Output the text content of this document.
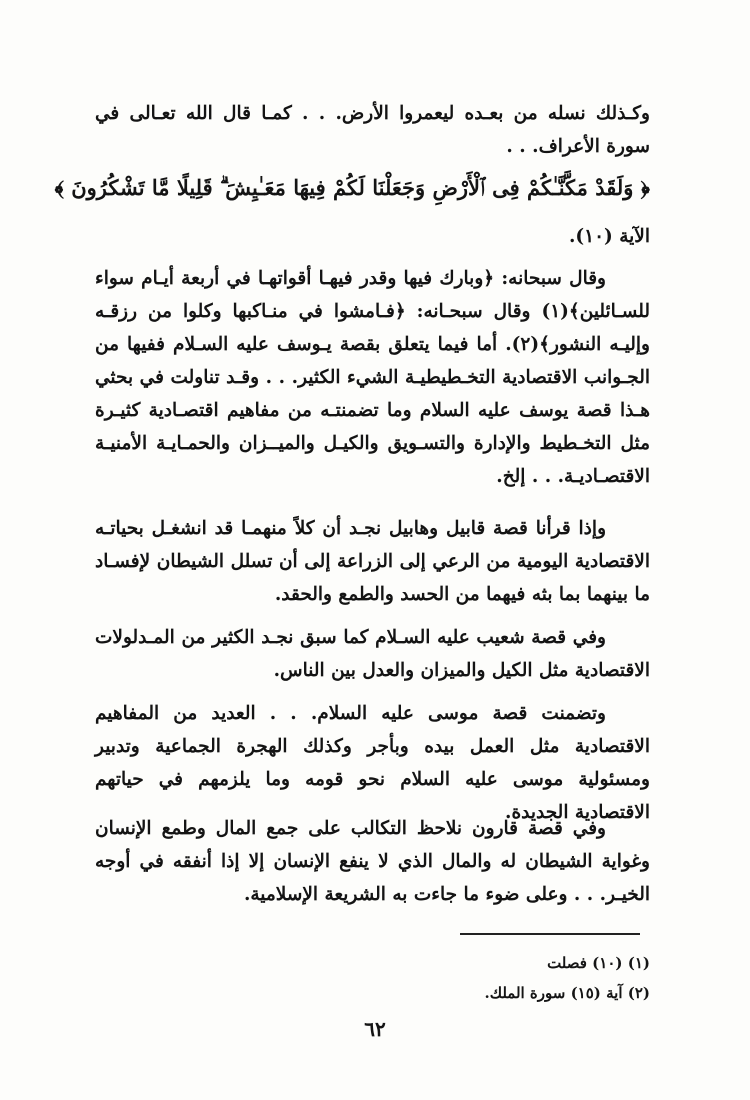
وكـذلك نسله من بعـده ليعمروا الأرض. . . كمـا قال الله تعـالى في سورة الأعراف. . .
﴿ وَلَقَدْ مَكَّنَّـٰكُمْ فِى ٱلْأَرْضِ وَجَعَلْنَا لَكُمْ فِيهَا مَعَـٰيِشَ ۗ قَلِيلًا مَّا تَشْكُرُونَ ﴾
الآية (١٠).
وقال سبحانه: ﴿وبارك فيها وقدر فيهـا أقواتهـا في أربعة أيـام سواء للسـائلين﴾(١) وقال سبحـانه: ﴿فـامشوا في منـاكبها وكلوا من رزقـه وإليـه النشور﴾(٢). أما فيما يتعلق بقصة يـوسف عليه السـلام ففيها من الجـوانب الاقتصادية التخـطيطيـة الشيء الكثير. . . وقـد تناولت في بحثي هـذا قصة يوسف عليه السلام وما تضمنتـه من مفاهيم اقتصـادية كثيـرة مثل التخـطيط والإدارة والتسـويق والكيـل والميــزان والحمـايـة الأمنيـة الاقتصـاديـة. . . إلخ.
وإذا قرأنا قصة قابيل وهابيل نجـد أن كلاً منهمـا قد انشغـل بحياتـه الاقتصادية اليومية من الرعي إلى الزراعة إلى أن تسلل الشيطان لإفسـاد ما بينهما بما بثه فيهما من الحسد والطمع والحقد.
وفي قصة شعيب عليه السـلام كما سبق نجـد الكثير من المـدلولات الاقتصادية مثل الكيل والميزان والعدل بين الناس.
وتضمنت قصة موسى عليه السلام. . . العديد من المفاهيم الاقتصادية مثل العمل بيده وبأجر وكذلك الهجرة الجماعية وتدبير ومسئولية موسى عليه السلام نحو قومه وما يلزمهم في حياتهم الاقتصادية الجديدة.
وفي قصة قارون نلاحظ التكالب على جمع المال وطمع الإنسان وغواية الشيطان له والمال الذي لا ينفع الإنسان إلا إذا أنفقه في أوجه الخيـر. . . وعلى ضوء ما جاءت به الشريعة الإسلامية.
(١) (١٠) فصلت
(٢) آية (١٥) سورة الملك.
٦٢
